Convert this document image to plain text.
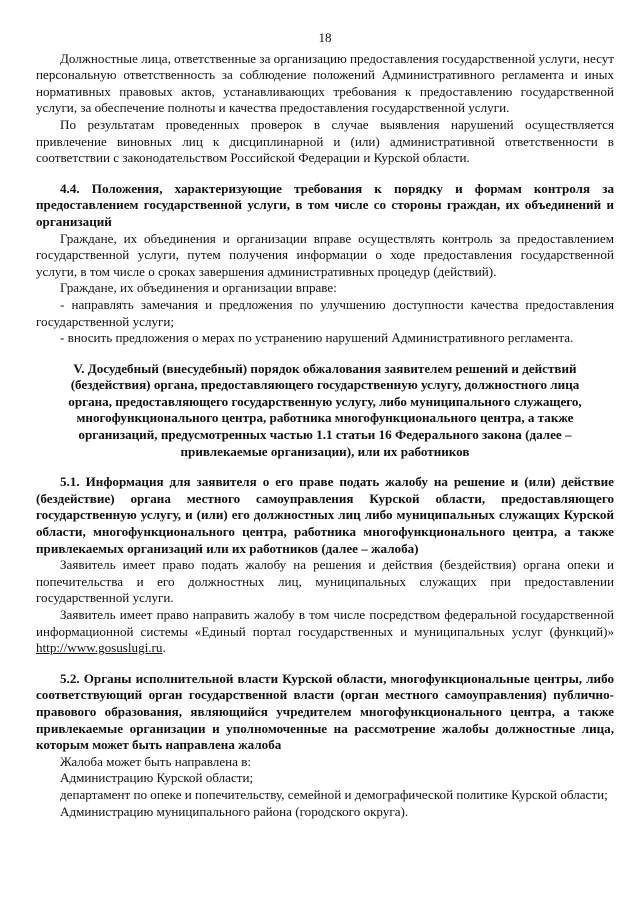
18

Должностные лица, ответственные за организацию предоставления государственной услуги, несут персональную ответственность за соблюдение положений Административного регламента и иных нормативных правовых актов, устанавливающих требования к предоставлению государственной услуги, за обеспечение полноты и качества предоставления государственной услуги.

По результатам проведенных проверок в случае выявления нарушений осуществляется привлечение виновных лиц к дисциплинарной и (или) административной ответственности в соответствии с законодательством Российской Федерации и Курской области.

4.4. Положения, характеризующие требования к порядку и формам контроля за предоставлением государственной услуги, в том числе со стороны граждан, их объединений и организаций

Граждане, их объединения и организации вправе осуществлять контроль за предоставлением государственной услуги, путем получения информации о ходе предоставления государственной услуги, в том числе о сроках завершения административных процедур (действий).

Граждане, их объединения и организации вправе:

- направлять замечания и предложения по улучшению доступности качества предоставления государственной услуги;

- вносить предложения о мерах по устранению нарушений Административного регламента.

V. Досудебный (внесудебный) порядок обжалования заявителем решений и действий (бездействия) органа, предоставляющего государственную услугу, должностного лица органа, предоставляющего государственную услугу, либо муниципального служащего, многофункционального центра, работника многофункционального центра, а также организаций, предусмотренных частью 1.1 статьи 16 Федерального закона (далее – привлекаемые организации), или их работников
5.1. Информация для заявителя о его праве подать жалобу на решение и (или) действие (бездействие) органа местного самоуправления Курской области, предоставляющего государственную услугу, и (или) его должностных лиц либо муниципальных служащих Курской области, многофункционального центра, работника многофункционального центра, а также привлекаемых организаций или их работников (далее – жалоба)

Заявитель имеет право подать жалобу на решения и действия (бездействия) органа опеки и попечительства и его должностных лиц, муниципальных служащих при предоставлении государственной услуги.

Заявитель имеет право направить жалобу в том числе посредством федеральной государственной информационной системы «Единый портал государственных и муниципальных услуг (функций)» http://www.gosuslugi.ru.

5.2. Органы исполнительной власти Курской области, многофункциональные центры, либо соответствующий орган государственной власти (орган местного самоуправления) публично-правового образования, являющийся учредителем многофункционального центра, а также привлекаемые организации и уполномоченные на рассмотрение жалобы должностные лица, которым может быть направлена жалоба

Жалоба может быть направлена в:

Администрацию Курской области;

департамент по опеке и попечительству, семейной и демографической политике Курской области;

Администрацию муниципального района (городского округа).
